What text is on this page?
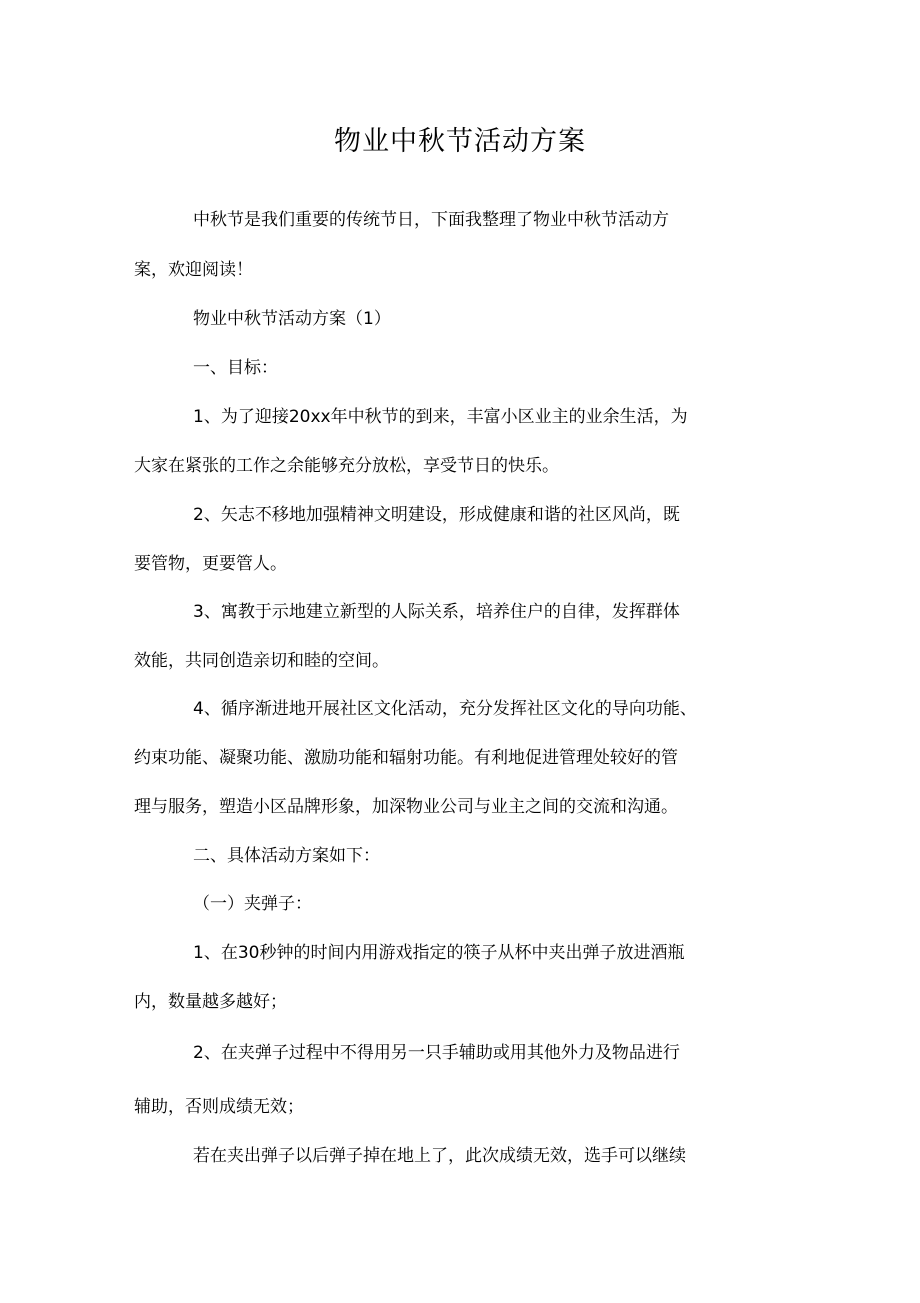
物业中秋节活动方案
中秋节是我们重要的传统节日，下面我整理了物业中秋节活动方
案，欢迎阅读！
物业中秋节活动方案（1）
一、目标：
1、为了迎接20xx年中秋节的到来，丰富小区业主的业余生活，为
大家在紧张的工作之余能够充分放松，享受节日的快乐。
2、矢志不移地加强精神文明建设，形成健康和谐的社区风尚，既
要管物，更要管人。
3、寓教于示地建立新型的人际关系，培养住户的自律，发挥群体
效能，共同创造亲切和睦的空间。
4、循序渐进地开展社区文化活动，充分发挥社区文化的导向功能、
约束功能、凝聚功能、激励功能和辐射功能。有利地促进管理处较好的管
理与服务，塑造小区品牌形象，加深物业公司与业主之间的交流和沟通。
二、具体活动方案如下：
（一）夹弹子：
1、在30秒钟的时间内用游戏指定的筷子从杯中夹出弹子放进酒瓶
内，数量越多越好；
2、在夹弹子过程中不得用另一只手辅助或用其他外力及物品进行
辅助，否则成绩无效；
若在夹出弹子以后弹子掉在地上了，此次成绩无效，选手可以继续
